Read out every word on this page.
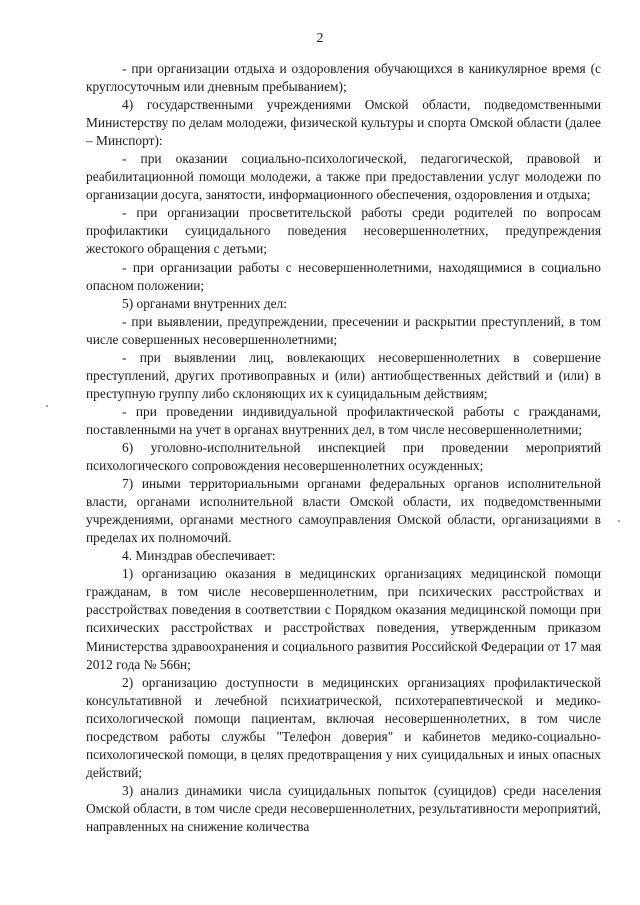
2

- при организации отдыха и оздоровления обучающихся в каникулярное время (с круглосуточным или дневным пребыванием);

4) государственными учреждениями Омской области, подведомственными Министерству по делам молодежи, физической культуры и спорта Омской области (далее – Минспорт):

- при оказании социально-психологической, педагогической, правовой и реабилитационной помощи молодежи, а также при предоставлении услуг молодежи по организации досуга, занятости, информационного обеспечения, оздоровления и отдыха;

- при организации просветительской работы среди родителей по вопросам профилактики суицидального поведения несовершеннолетних, предупреждения жестокого обращения с детьми;

- при организации работы с несовершеннолетними, находящимися в социально опасном положении;

5) органами внутренних дел:

- при выявлении, предупреждении, пресечении и раскрытии преступлений, в том числе совершенных несовершеннолетними;

- при выявлении лиц, вовлекающих несовершеннолетних в совершение преступлений, других противоправных и (или) антиобщественных действий и (или) в преступную группу либо склоняющих их к суицидальным действиям;

- при проведении индивидуальной профилактической работы с гражданами, поставленными на учет в органах внутренних дел, в том числе несовершеннолетними;

6) уголовно-исполнительной инспекцией при проведении мероприятий психологического сопровождения несовершеннолетних осужденных;

7) иными территориальными органами федеральных органов исполнительной власти, органами исполнительной власти Омской области, их подведомственными учреждениями, органами местного самоуправления Омской области, организациями в пределах их полномочий.

4. Минздрав обеспечивает:

1) организацию оказания в медицинских организациях медицинской помощи гражданам, в том числе несовершеннолетним, при психических расстройствах и расстройствах поведения в соответствии с Порядком оказания медицинской помощи при психических расстройствах и расстройствах поведения, утвержденным приказом Министерства здравоохранения и социального развития Российской Федерации от 17 мая 2012 года № 566н;

2) организацию доступности в медицинских организациях профилактической консультативной и лечебной психиатрической, психотерапевтической и медико-психологической помощи пациентам, включая несовершеннолетних, в том числе посредством работы службы "Телефон доверия" и кабинетов медико-социально-психологической помощи, в целях предотвращения у них суицидальных и иных опасных действий;

3) анализ динамики числа суицидальных попыток (суицидов) среди населения Омской области, в том числе среди несовершеннолетних, результативности мероприятий, направленных на снижение количества
